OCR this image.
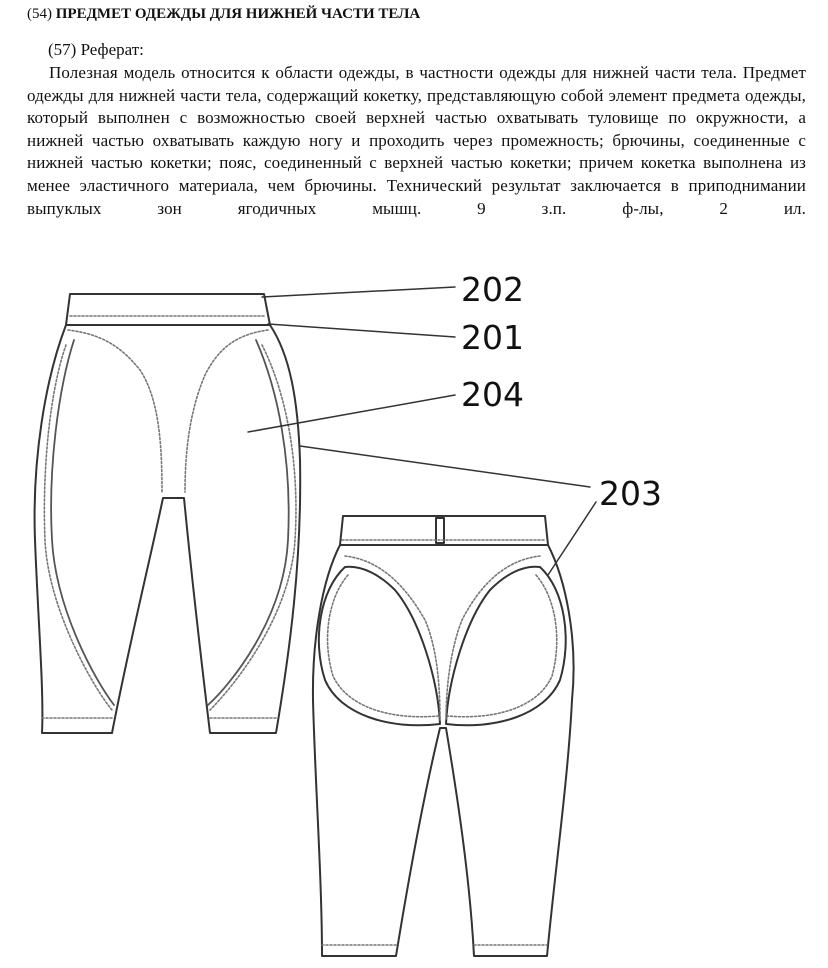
(54) ПРЕДМЕТ ОДЕЖДЫ ДЛЯ НИЖНЕЙ ЧАСТИ ТЕЛА
(57) Реферат:
Полезная модель относится к области одежды, в частности одежды для нижней части тела. Предмет одежды для нижней части тела, содержащий кокетку, представляющую собой элемент предмета одежды, который выполнен с возможностью своей верхней частью охватывать туловище по окружности, а нижней частью охватывать каждую ногу и проходить через промежность; брючины, соединенные с нижней частью кокетки; пояс, соединенный с верхней частью кокетки; причем кокетка выполнена из менее эластичного материала, чем брючины. Технический результат заключается в приподнимании выпуклых зон ягодичных мышц. 9 з.п. ф-лы, 2 ил.
202
201
204
203
